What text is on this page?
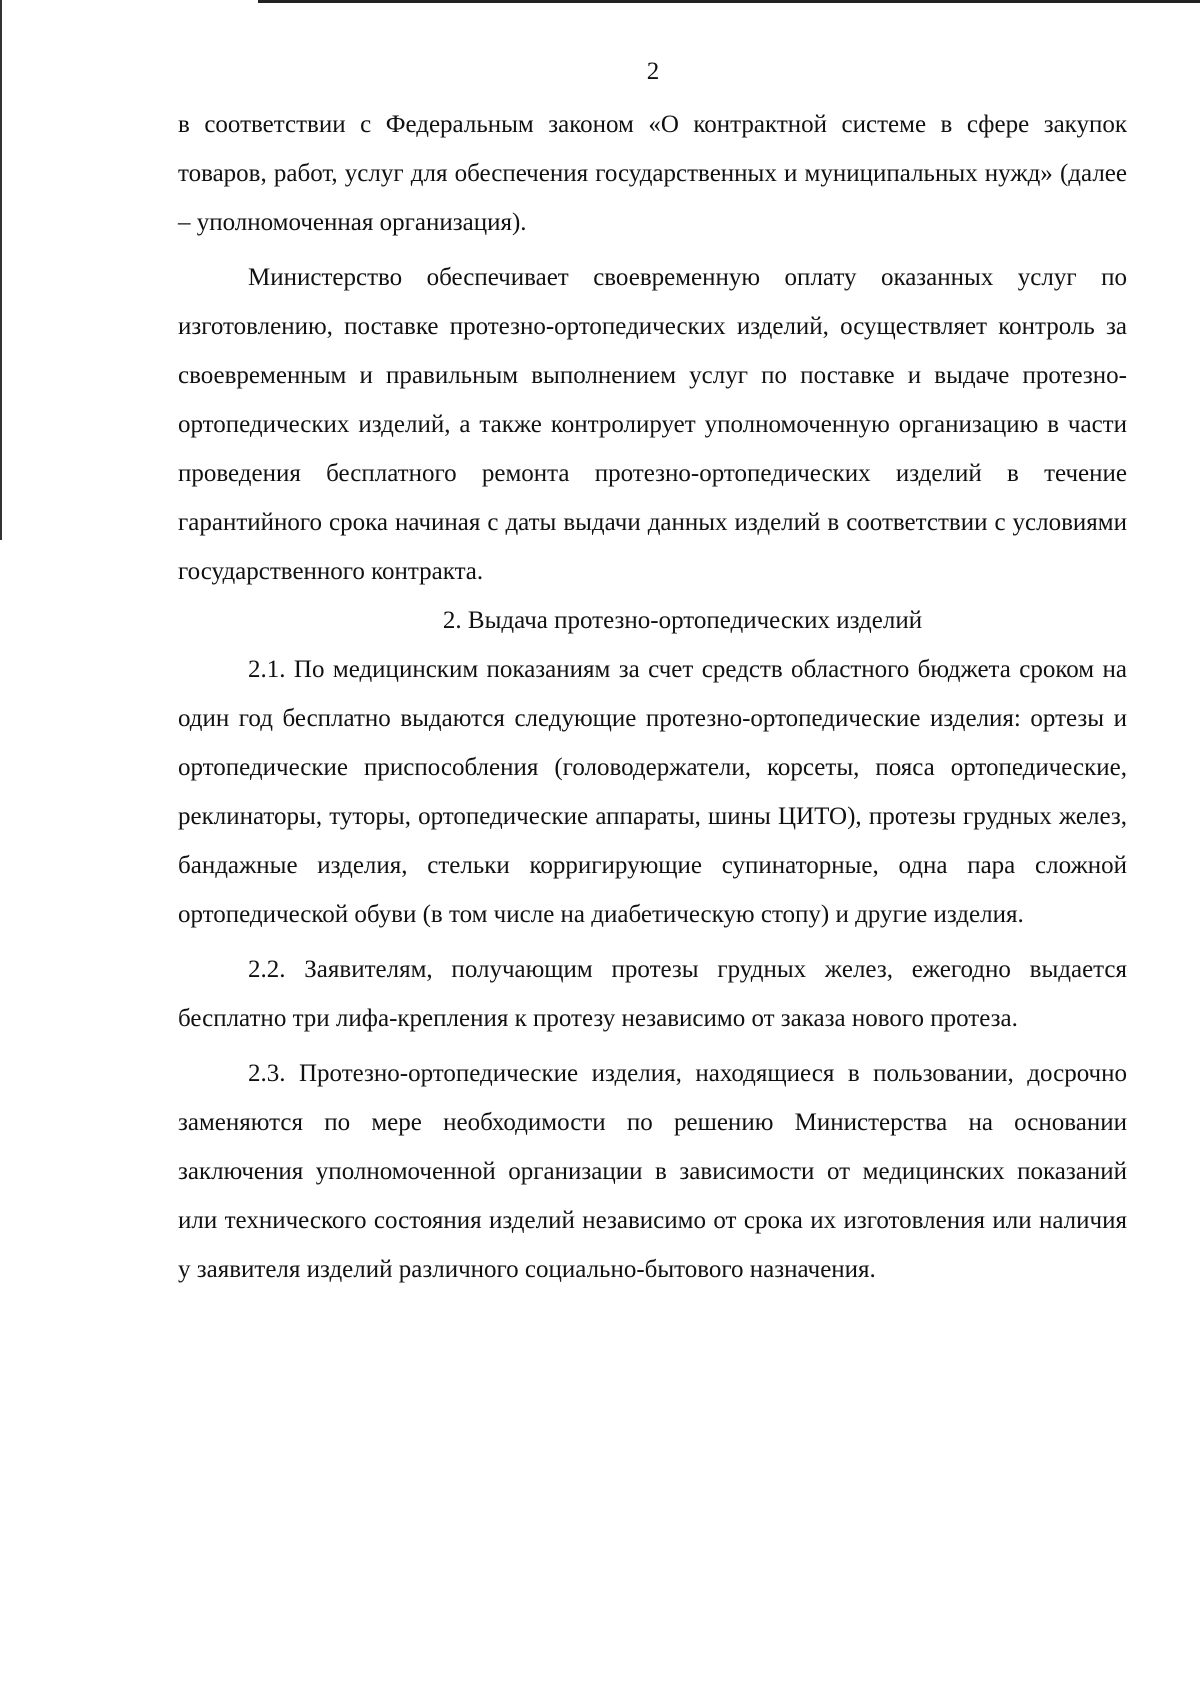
2

в соответствии с Федеральным законом «О контрактной системе в сфере закупок товаров, работ, услуг для обеспечения государственных и муниципальных нужд» (далее – уполномоченная организация).

Министерство обеспечивает своевременную оплату оказанных услуг по изготовлению, поставке протезно-ортопедических изделий, осуществляет контроль за своевременным и правильным выполнением услуг по поставке и выдаче протезно-ортопедических изделий, а также контролирует уполномоченную организацию в части проведения бесплатного ремонта протезно-ортопедических изделий в течение гарантийного срока начиная с даты выдачи данных изделий в соответствии с условиями государственного контракта.

2. Выдача протезно-ортопедических изделий

2.1. По медицинским показаниям за счет средств областного бюджета сроком на один год бесплатно выдаются следующие протезно-ортопедические изделия: ортезы и ортопедические приспособления (головодержатели, корсеты, пояса ортопедические, реклинаторы, туторы, ортопедические аппараты, шины ЦИТО), протезы грудных желез, бандажные изделия, стельки корригирующие супинаторные, одна пара сложной ортопедической обуви (в том числе на диабетическую стопу) и другие изделия.

2.2. Заявителям, получающим протезы грудных желез, ежегодно выдается бесплатно три лифа-крепления к протезу независимо от заказа нового протеза.

2.3. Протезно-ортопедические изделия, находящиеся в пользовании, досрочно заменяются по мере необходимости по решению Министерства на основании заключения уполномоченной организации в зависимости от медицинских показаний или технического состояния изделий независимо от срока их изготовления или наличия у заявителя изделий различного социально-бытового назначения.
